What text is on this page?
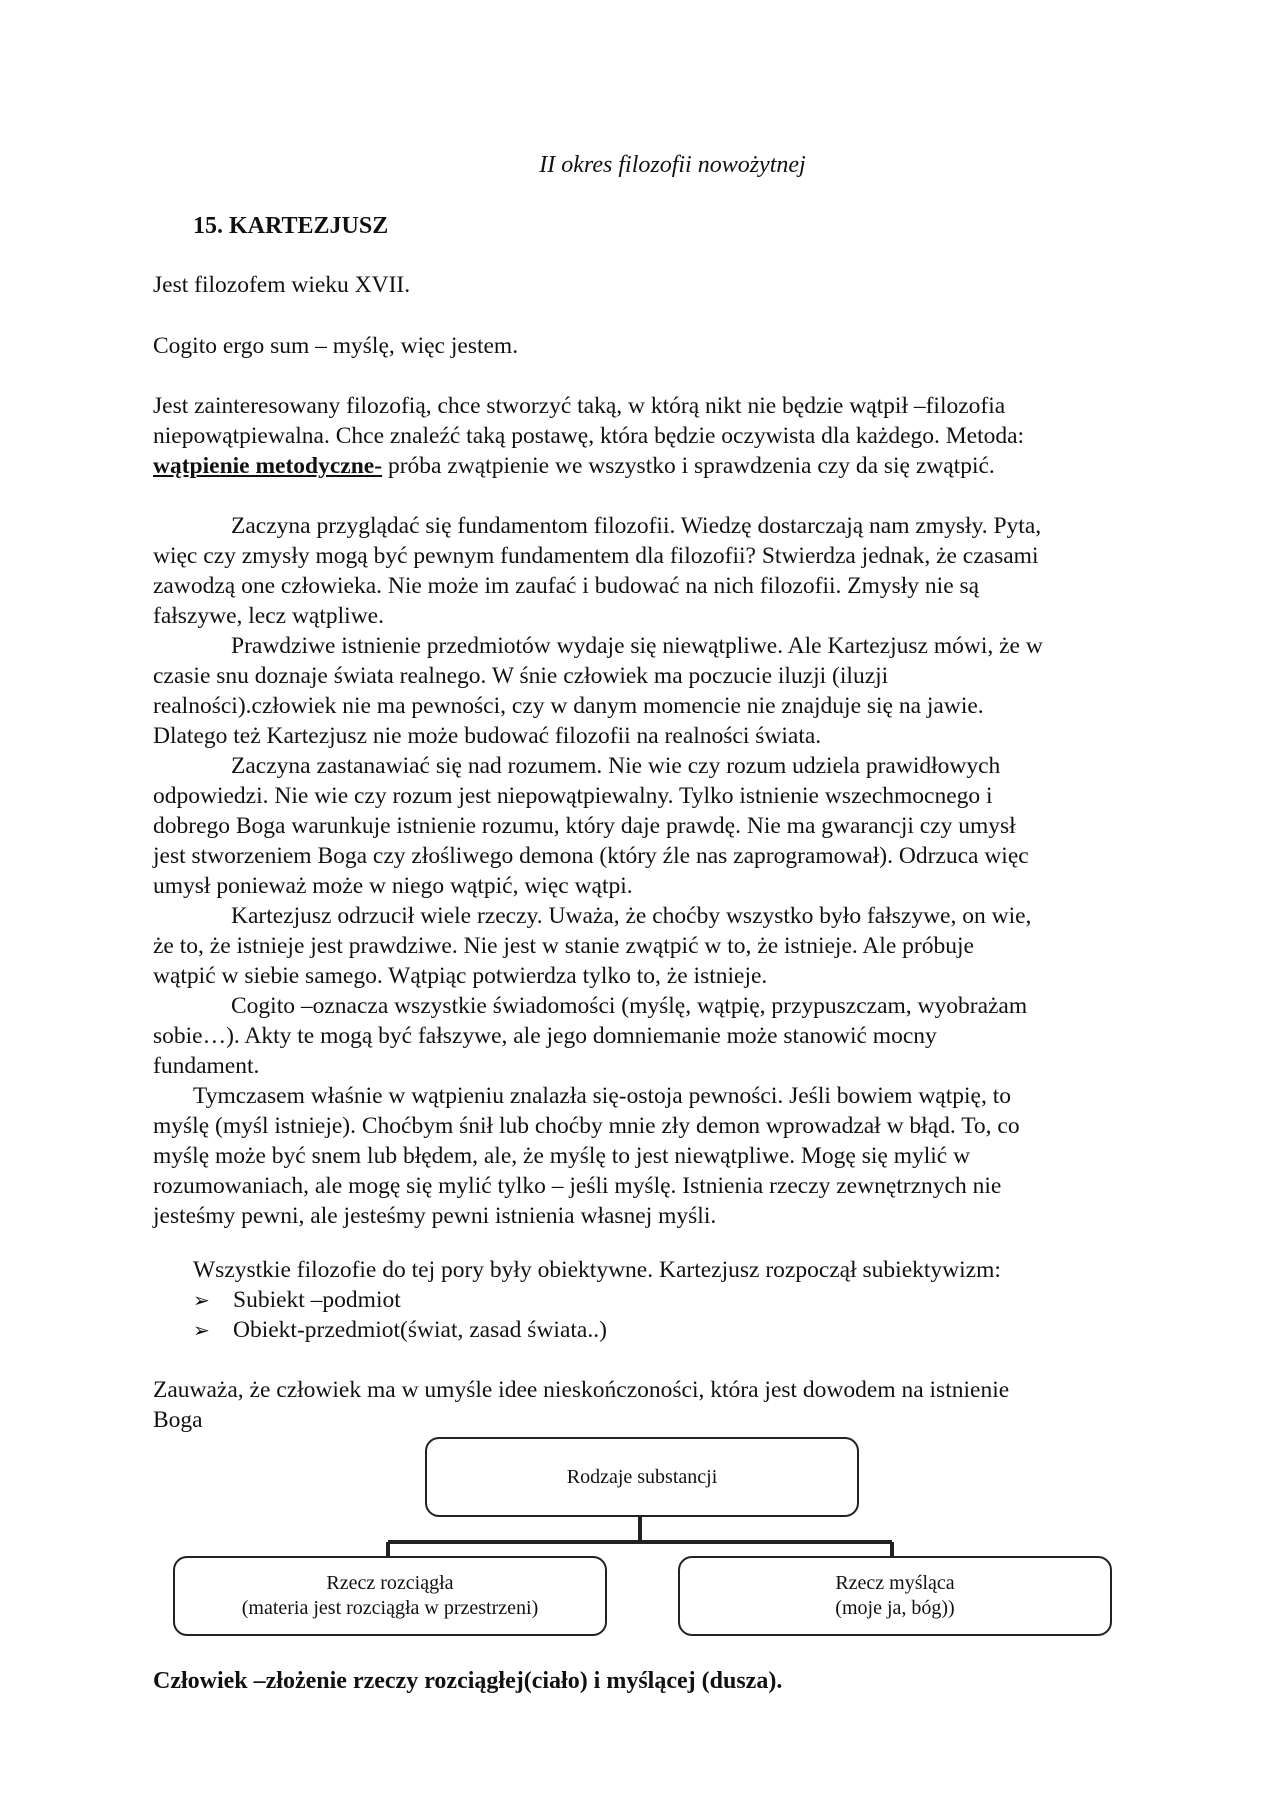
II okres filozofii nowożytnej
15. KARTEZJUSZ
Jest filozofem wieku XVII.
Cogito ergo sum – myślę, więc jestem.
Jest zainteresowany filozofią, chce stworzyć taką, w którą nikt nie będzie wątpił –filozofia
niepowątpiewalna. Chce znaleźć taką postawę, która będzie oczywista dla każdego. Metoda:
wątpienie metodyczne- próba zwątpienie we wszystko i sprawdzenia czy da się zwątpić.
Zaczyna przyglądać się fundamentom filozofii. Wiedzę dostarczają nam zmysły. Pyta,
więc czy zmysły mogą być pewnym fundamentem dla filozofii? Stwierdza jednak, że czasami
zawodzą one człowieka. Nie może im zaufać i budować na nich filozofii. Zmysły nie są
fałszywe, lecz wątpliwe.
Prawdziwe istnienie przedmiotów wydaje się niewątpliwe. Ale Kartezjusz mówi, że w
czasie snu doznaje świata realnego. W śnie człowiek ma poczucie iluzji (iluzji
realności).człowiek nie ma pewności, czy w danym momencie nie znajduje się na jawie.
Dlatego też Kartezjusz nie może budować filozofii na realności świata.
Zaczyna zastanawiać się nad rozumem. Nie wie czy rozum udziela prawidłowych
odpowiedzi. Nie wie czy rozum jest niepowątpiewalny. Tylko istnienie wszechmocnego i
dobrego Boga warunkuje istnienie rozumu, który daje prawdę. Nie ma gwarancji czy umysł
jest stworzeniem Boga czy złośliwego demona (który źle nas zaprogramował). Odrzuca więc
umysł ponieważ może w niego wątpić, więc wątpi.
Kartezjusz odrzucił wiele rzeczy. Uważa, że choćby wszystko było fałszywe, on wie,
że to, że istnieje jest prawdziwe. Nie jest w stanie zwątpić w to, że istnieje. Ale próbuje
wątpić w siebie samego. Wątpiąc potwierdza tylko to, że istnieje.
Cogito –oznacza wszystkie świadomości (myślę, wątpię, przypuszczam, wyobrażam
sobie…). Akty te mogą być fałszywe, ale jego domniemanie może stanowić mocny
fundament.
Tymczasem właśnie w wątpieniu znalazła się-ostoja pewności. Jeśli bowiem wątpię, to
myślę (myśl istnieje). Choćbym śnił lub choćby mnie zły demon wprowadzał w błąd. To, co
myślę może być snem lub błędem, ale, że myślę to jest niewątpliwe. Mogę się mylić w
rozumowaniach, ale mogę się mylić tylko – jeśli myślę. Istnienia rzeczy zewnętrznych nie
jesteśmy pewni, ale jesteśmy pewni istnienia własnej myśli.
Wszystkie filozofie do tej pory były obiektywne. Kartezjusz rozpoczął subiektywizm:
➢ Subiekt –podmiot
➢ Obiekt-przedmiot(świat, zasad świata..)
Zauważa, że człowiek ma w umyśle idee nieskończoności, która jest dowodem na istnienie
Boga
Rodzaje substancji
Rzecz rozciągła
(materia jest rozciągła w przestrzeni)
Rzecz myśląca
(moje ja, bóg))
Człowiek –złożenie rzeczy rozciągłej(ciało) i myślącej (dusza).
